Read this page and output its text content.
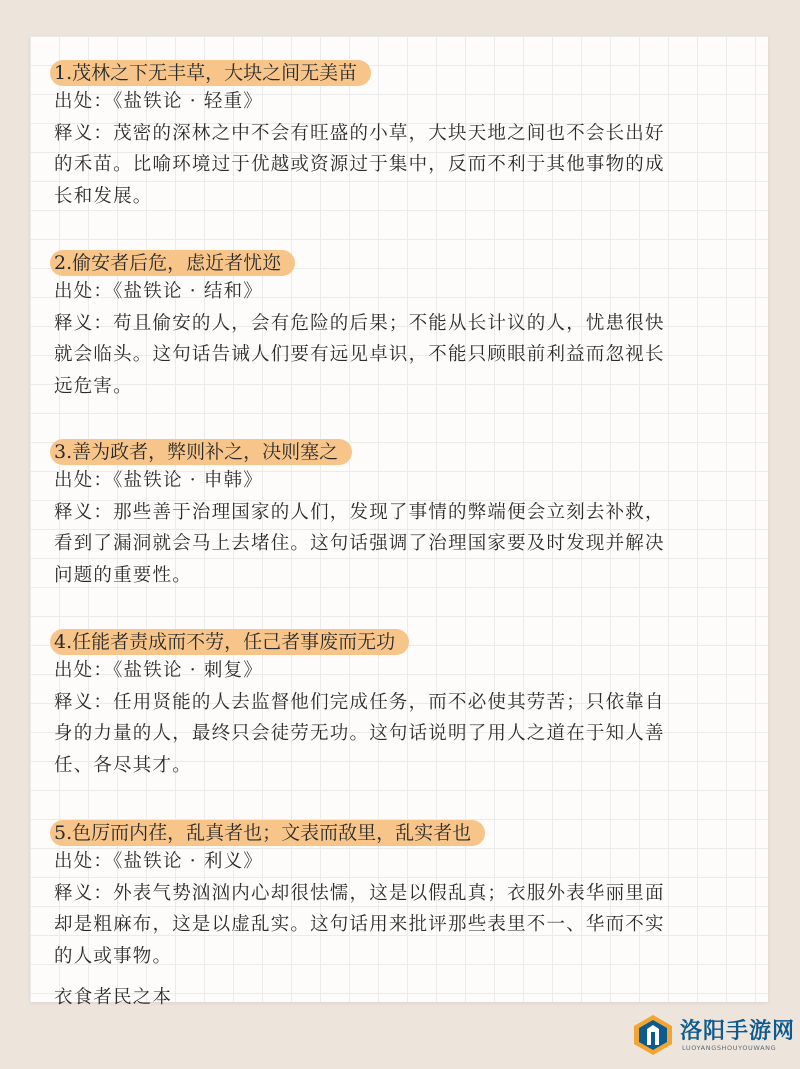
1.茂林之下无丰草，大块之间无美苗
出处：《盐铁论 · 轻重》
释义：茂密的深林之中不会有旺盛的小草，大块天地之间也不会长出好
的禾苗。比喻环境过于优越或资源过于集中，反而不利于其他事物的成
长和发展。
2.偷安者后危，虑近者忧迩
出处：《盐铁论 · 结和》
释义：苟且偷安的人，会有危险的后果；不能从长计议的人，忧患很快
就会临头。这句话告诫人们要有远见卓识，不能只顾眼前利益而忽视长
远危害。
3.善为政者，弊则补之，决则塞之
出处：《盐铁论 · 申韩》
释义：那些善于治理国家的人们，发现了事情的弊端便会立刻去补救，
看到了漏洞就会马上去堵住。这句话强调了治理国家要及时发现并解决
问题的重要性。
4.任能者责成而不劳，任己者事废而无功
出处：《盐铁论 · 刺复》
释义：任用贤能的人去监督他们完成任务，而不必使其劳苦；只依靠自
身的力量的人，最终只会徒劳无功。这句话说明了用人之道在于知人善
任、各尽其才。
5.色厉而内荏，乱真者也；文表而敌里，乱实者也
出处：《盐铁论 · 利义》
释义：外表气势汹汹内心却很怯懦，这是以假乱真；衣服外表华丽里面
却是粗麻布，这是以虚乱实。这句话用来批评那些表里不一、华而不实
的人或事物。
衣食者民之本
洛阳手游网
LUOYANGSHOUYOUWANG
